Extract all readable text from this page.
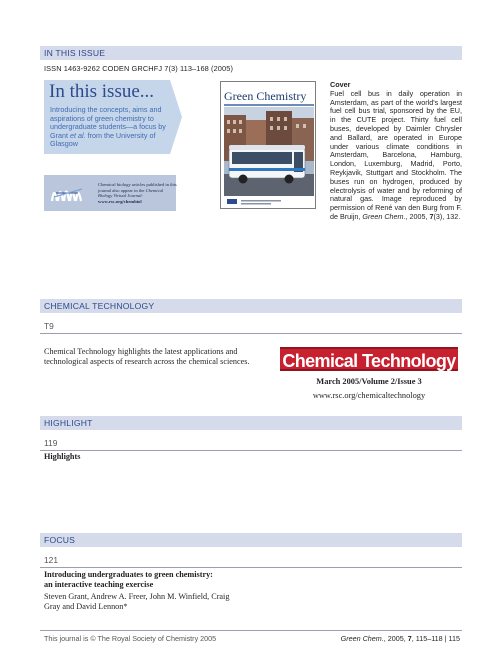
IN THIS ISSUE
ISSN 1463-9262 CODEN GRCHFJ 7(3) 113–168 (2005)
In this issue...
Introducing the concepts, aims and aspirations of green chemistry to undergraduate students—a focus by Grant et al. from the University of Glasgow
Chemical biology articles published in this journal also appear in the Chemical Biology Virtual Journal: www.rsc.org/chembiol
Green Chemistry
Cover
Fuel cell bus in daily operation in Amsterdam, as part of the world's largest fuel cell bus trial, sponsored by the EU, in the CUTE project. Thirty fuel cell buses, developed by Daimler Chrysler and Ballard, are operated in Europe under various climate conditions in Amsterdam, Barcelona, Hamburg, London, Luxemburg, Madrid, Porto, Reykjavik, Stuttgart and Stockholm. The buses run on hydrogen, produced by electrolysis of water and by reforming of natural gas. Image reproduced by permission of René van den Burg from F. de Bruijn, Green Chem., 2005, 7(3), 132.
CHEMICAL TECHNOLOGY
T9
Chemical Technology highlights the latest applications and technological aspects of research across the chemical sciences.	Chemical Technology
March 2005/Volume 2/Issue 3
www.rsc.org/chemicaltechnology
HIGHLIGHT
119
Highlights
FOCUS
121
Introducing undergraduates to green chemistry:
an interactive teaching exercise
Steven Grant, Andrew A. Freer, John M. Winfield, Craig Gray and David Lennon*
This journal is © The Royal Society of Chemistry 2005	Green Chem., 2005, 7, 115–118 | 115
